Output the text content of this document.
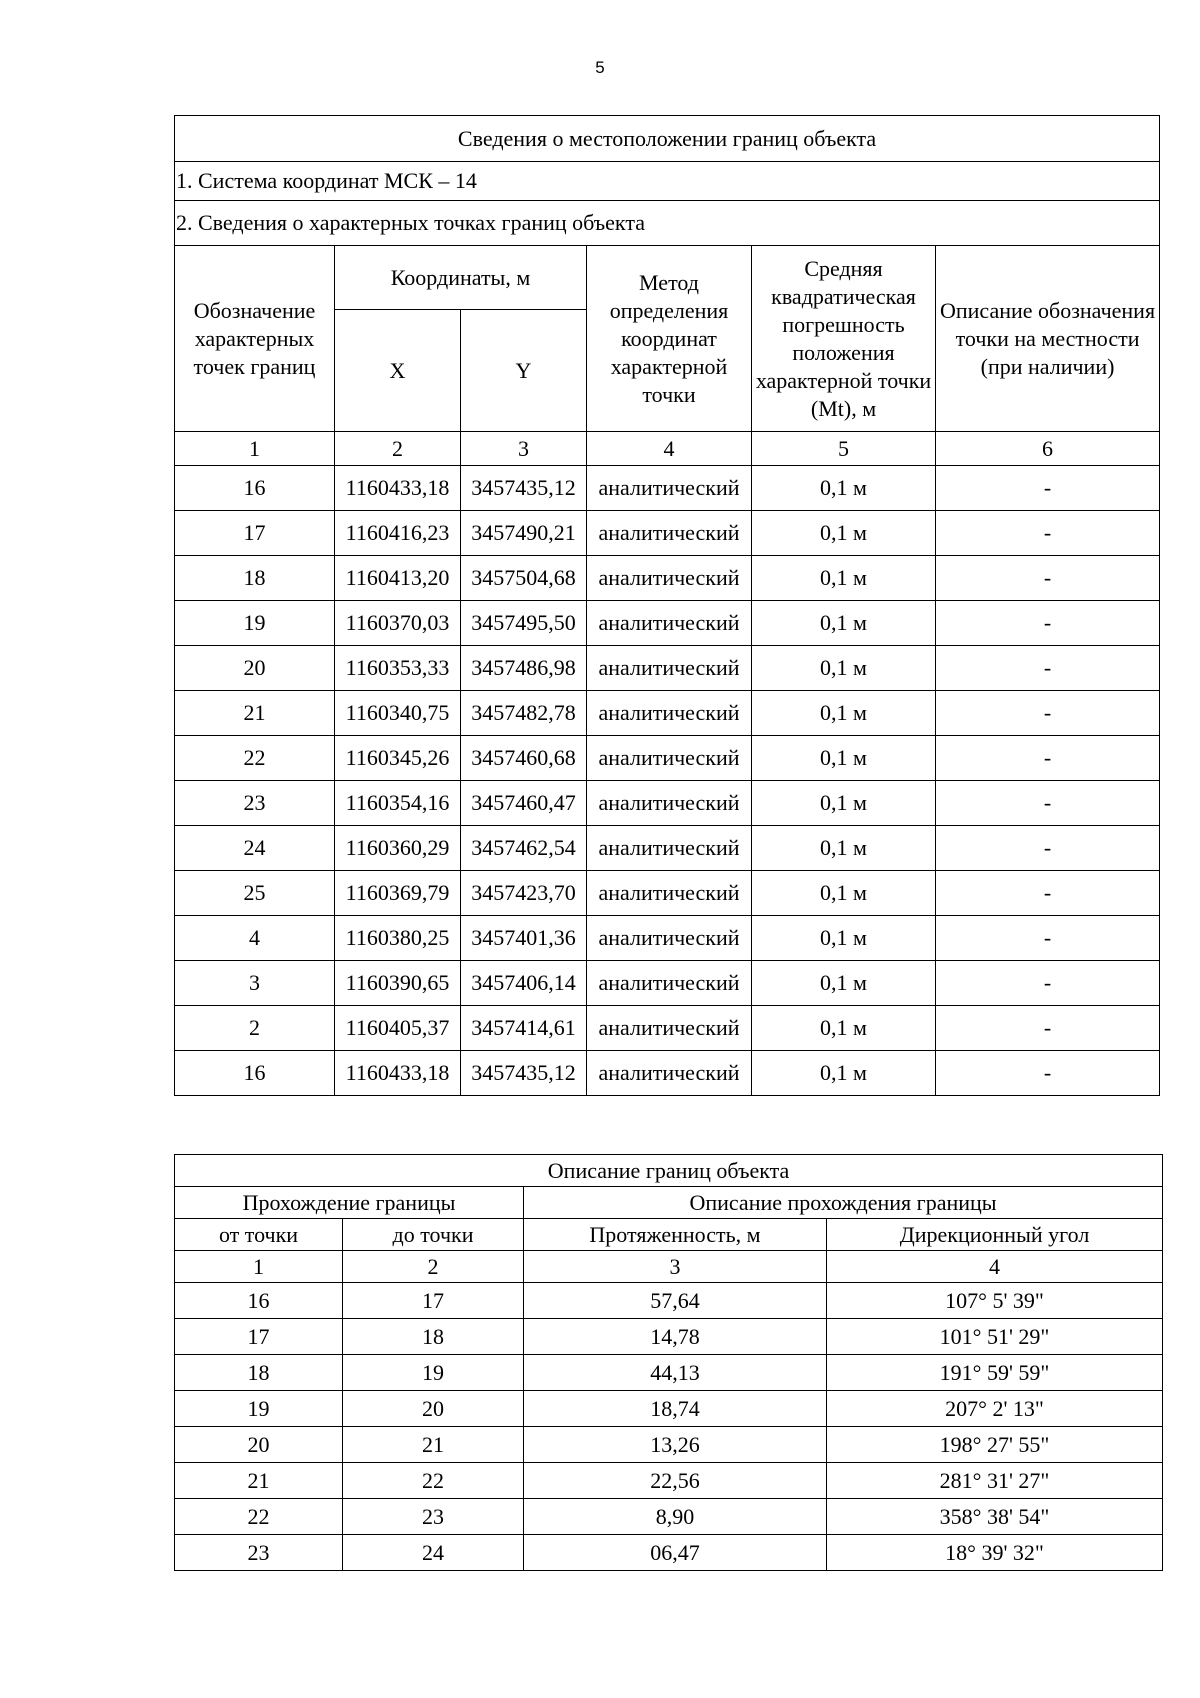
5
Сведения о местоположении границ объекта					
1. Система координат МСК – 14					
2. Сведения о характерных точках границ объекта					
Обозначение характерных точек границ	Координаты, м		Метод определения координат характерной точки	Средняя квадратическая погрешность положения характерной точки (Mt), м	Описание обозначения точки на местности (при наличии)
	X	Y			
1	2	3	4	5	6
16	1160433,18	3457435,12	аналитический	0,1 м	-
17	1160416,23	3457490,21	аналитический	0,1 м	-
18	1160413,20	3457504,68	аналитический	0,1 м	-
19	1160370,03	3457495,50	аналитический	0,1 м	-
20	1160353,33	3457486,98	аналитический	0,1 м	-
21	1160340,75	3457482,78	аналитический	0,1 м	-
22	1160345,26	3457460,68	аналитический	0,1 м	-
23	1160354,16	3457460,47	аналитический	0,1 м	-
24	1160360,29	3457462,54	аналитический	0,1 м	-
25	1160369,79	3457423,70	аналитический	0,1 м	-
4	1160380,25	3457401,36	аналитический	0,1 м	-
3	1160390,65	3457406,14	аналитический	0,1 м	-
2	1160405,37	3457414,61	аналитический	0,1 м	-
16	1160433,18	3457435,12	аналитический	0,1 м	-
Описание границ объекта			
Прохождение границы		Описание прохождения границы	
от точки	до точки	Протяженность, м	Дирекционный угол
1	2	3	4
16	17	57,64	107° 5' 39"
17	18	14,78	101° 51' 29"
18	19	44,13	191° 59' 59"
19	20	18,74	207° 2' 13"
20	21	13,26	198° 27' 55"
21	22	22,56	281° 31' 27"
22	23	8,90	358° 38' 54"
23	24	06,47	18° 39' 32"
